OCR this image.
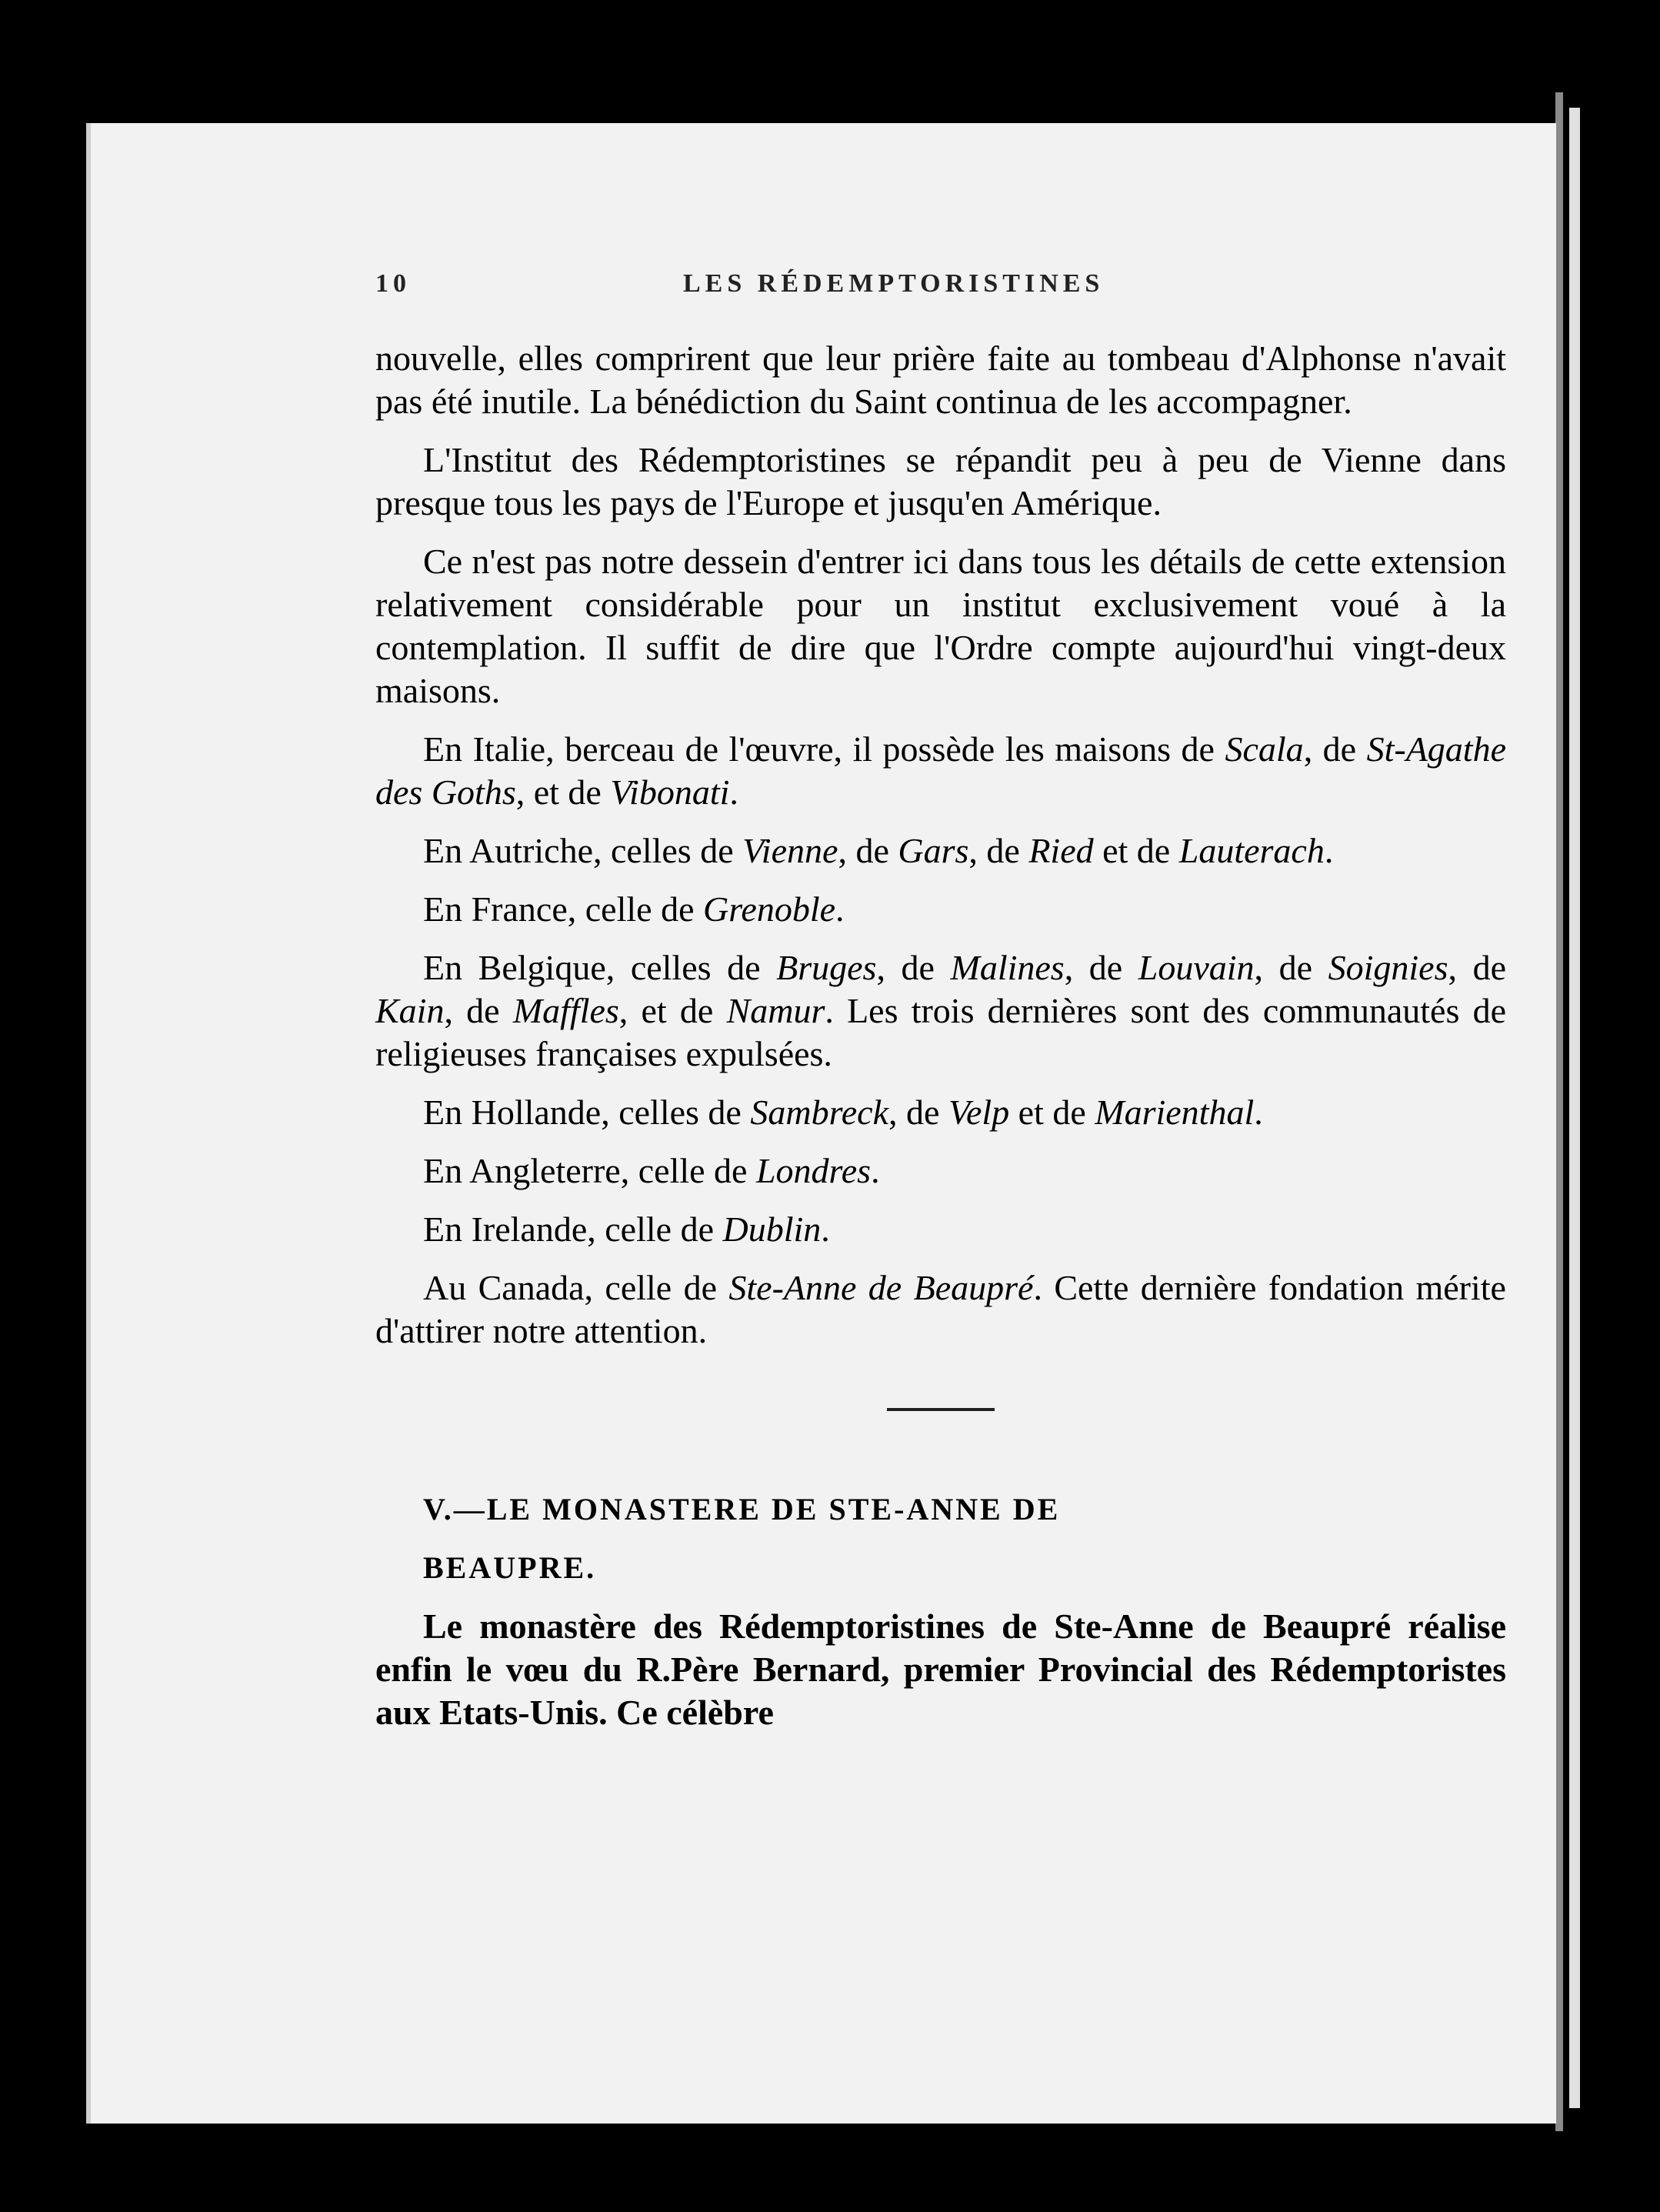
10	LES RÉDEMPTORISTINES

nouvelle, elles comprirent que leur prière faite au tombeau d'Alphonse n'avait pas été inutile. La bénédiction du Saint continua de les accompagner.

L'Institut des Rédemptoristines se répandit peu à peu de Vienne dans presque tous les pays de l'Europe et jusqu'en Amérique.

Ce n'est pas notre dessein d'entrer ici dans tous les détails de cette extension relativement considérable pour un institut exclusivement voué à la contemplation. Il suffit de dire que l'Ordre compte aujourd'hui vingt-deux maisons.

En Italie, berceau de l'œuvre, il possède les maisons de Scala, de St-Agathe des Goths, et de Vibonati.

En Autriche, celles de Vienne, de Gars, de Ried et de Lauterach.

En France, celle de Grenoble.

En Belgique, celles de Bruges, de Malines, de Louvain, de Soignies, de Kain, de Maffles, et de Namur. Les trois dernières sont des communautés de religieuses françaises expulsées.

En Hollande, celles de Sambreck, de Velp et de Marienthal.

En Angleterre, celle de Londres.

En Irelande, celle de Dublin.

Au Canada, celle de Ste-Anne de Beaupré. Cette dernière fondation mérite d'attirer notre attention.

V.—LE MONASTERE DE STE-ANNE DE

BEAUPRE.

Le monastère des Rédemptoristines de Ste-Anne de Beaupré réalise enfin le vœu du R.Père Bernard, premier Provincial des Rédemptoristes aux Etats-Unis. Ce célèbre
